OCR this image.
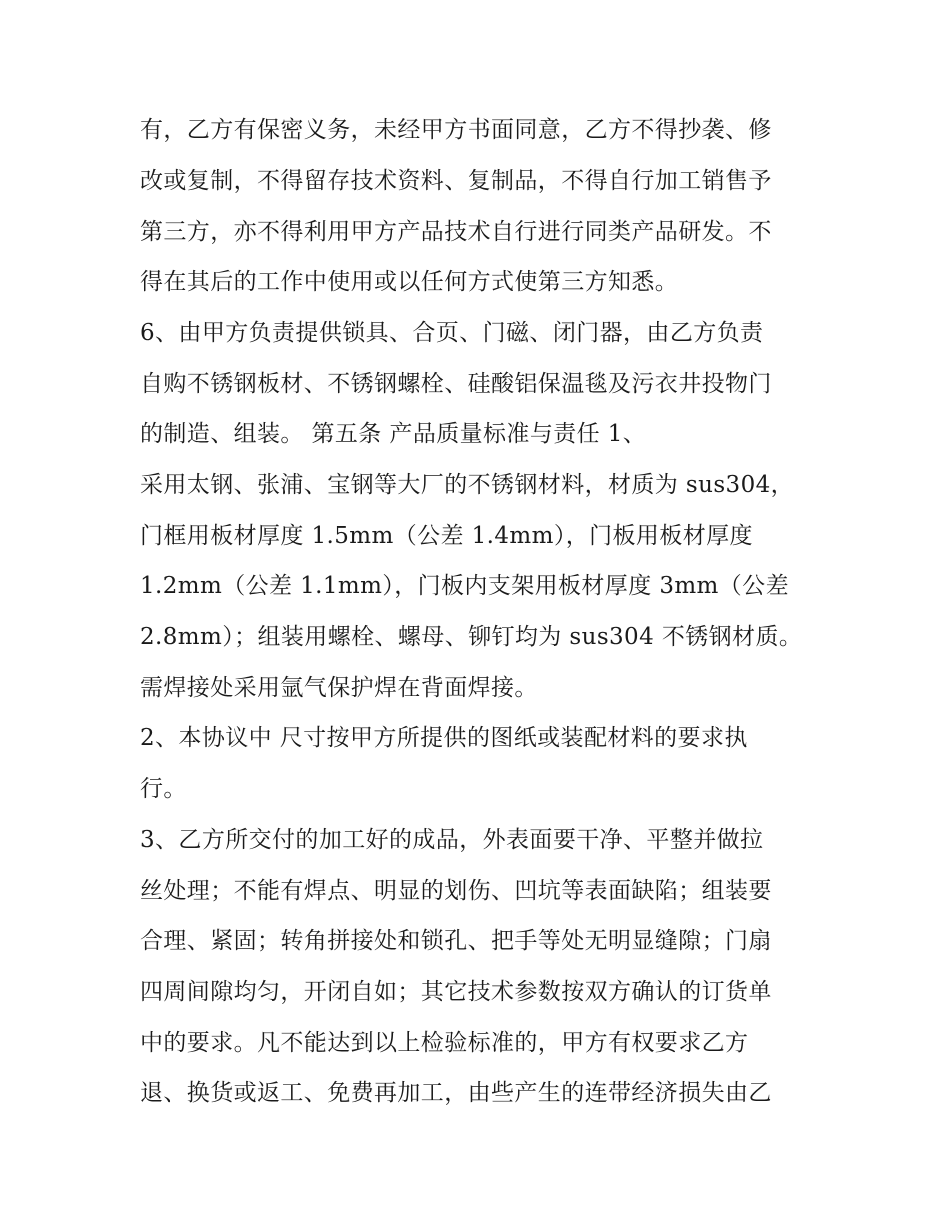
有，乙方有保密义务，未经甲方书面同意，乙方不得抄袭、修
改或复制，不得留存技术资料、复制品，不得自行加工销售予
第三方，亦不得利用甲方产品技术自行进行同类产品研发。不
得在其后的工作中使用或以任何方式使第三方知悉。
6、由甲方负责提供锁具、合页、门磁、闭门器，由乙方负责
自购不锈钢板材、不锈钢螺栓、硅酸铝保温毯及污衣井投物门
的制造、组装。 第五条 产品质量标准与责任 1、
采用太钢、张浦、宝钢等大厂的不锈钢材料，材质为 sus304，
门框用板材厚度 1.5mm（公差 1.4mm），门板用板材厚度
1.2mm（公差 1.1mm），门板内支架用板材厚度 3mm（公差
2.8mm）；组装用螺栓、螺母、铆钉均为 sus304 不锈钢材质。
需焊接处采用氩气保护焊在背面焊接。
2、本协议中 尺寸按甲方所提供的图纸或装配材料的要求执
行。
3、乙方所交付的加工好的成品，外表面要干净、平整并做拉
丝处理；不能有焊点、明显的划伤、凹坑等表面缺陷；组装要
合理、紧固；转角拼接处和锁孔、把手等处无明显缝隙；门扇
四周间隙均匀，开闭自如；其它技术参数按双方确认的订货单
中的要求。凡不能达到以上检验标准的，甲方有权要求乙方
退、换货或返工、免费再加工，由些产生的连带经济损失由乙
